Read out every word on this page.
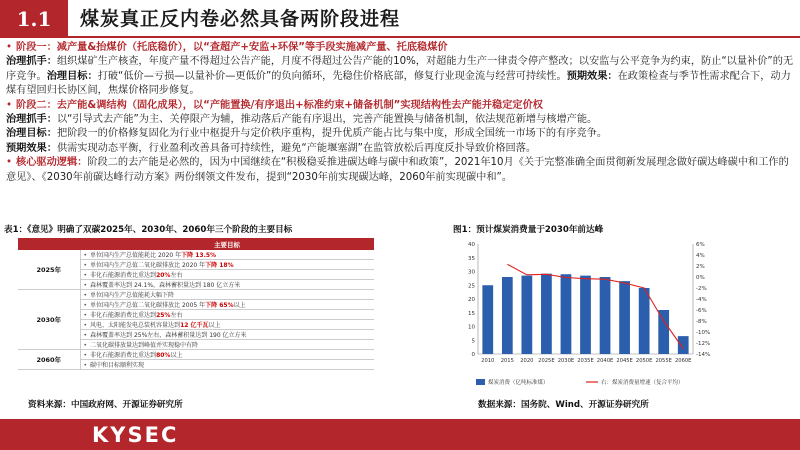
1.1	煤炭真正反内卷必然具备两阶段进程
• 阶段一：减产量&抬煤价（托底稳价），以“查超产+安监+环保”等手段实施减产量、托底稳煤价
治理抓手：组织煤矿生产核查，年度产量不得超过公告产能，月度不得超过公告产能的10%，对超能力生产一律责令停产整改；以安监与公平竞争为约束，防止“以量补价”的无序竞争。治理目标：打破“低价—亏损—以量补价—更低价”的负向循环，先稳住价格底部，修复行业现金流与经营可持续性。预期效果：在政策检查与季节性需求配合下，动力煤有望回归长协区间，焦煤价格同步修复。
• 阶段二：去产能&调结构（固化成果），以“产能置换/有序退出+标准约束+储备机制”实现结构性去产能并稳定定价权
治理抓手：以“引导式去产能”为主、关停限产为辅，推动落后产能有序退出，完善产能置换与储备机制，依法规范新增与核增产能。
治理目标：把阶段一的价格修复固化为行业中枢提升与定价秩序重构，提升优质产能占比与集中度，形成全国统一市场下的有序竞争。
预期效果：供需实现动态平衡，行业盈利改善具备可持续性，避免“产能堰塞湖”在监管放松后再度反扑导致价格回落。
• 核心驱动逻辑：阶段二的去产能是必然的，因为中国继续在“积极稳妥推进碳达峰与碳中和政策”，2021年10月《关于完整准确全面贯彻新发展理念做好碳达峰碳中和工作的意见》、《2030年前碳达峰行动方案》两份纲领文件发布，提到“2030年前实现碳达峰，2060年前实现碳中和”。
表1：《意见》明确了双碳2025年、2030年、2060年三个阶段的主要目标
	主要目标
2025年	• 单位国内生产总值能耗比 2020 年下降 13.5%
	• 单位国内生产总值二氧化碳排放比 2020 年下降 18%
	• 非化石能源消费比重达到20%左右
	• 森林覆盖率达到 24.1%，森林蓄积量达到 180 亿立方米
2030年	• 单位国内生产总值能耗大幅下降
	• 单位国内生产总值二氧化碳排放比 2005 年下降 65%以上
	• 非化石能源消费比重达到25%左右
	• 风电、太阳能发电总装机容量达到12 亿千瓦以上
	• 森林覆盖率达到 25%左右，森林蓄积量达到 190 亿立方米
	• 二氧化碳排放量达到峰值并实现稳中有降
2060年	• 非化石能源消费比重达到80%以上
	• 碳中和目标顺利实现
资料来源：中国政府网、开源证券研究所
图1：预计煤炭消费量于2030年前达峰
0
5
10
15
20
25
30
35
40	6%
4%
2%
0%
-2%
-4%
-6%
-8%
-10%
-12%
-14%
2010 2015 2020 2025E 2030E 2035E 2040E 2045E 2050E 2055E 2060E
煤炭消费（亿吨标准煤）	右：煤炭消费量增速（复合平均）
数据来源：国务院、Wind、开源证券研究所
KYSEC
